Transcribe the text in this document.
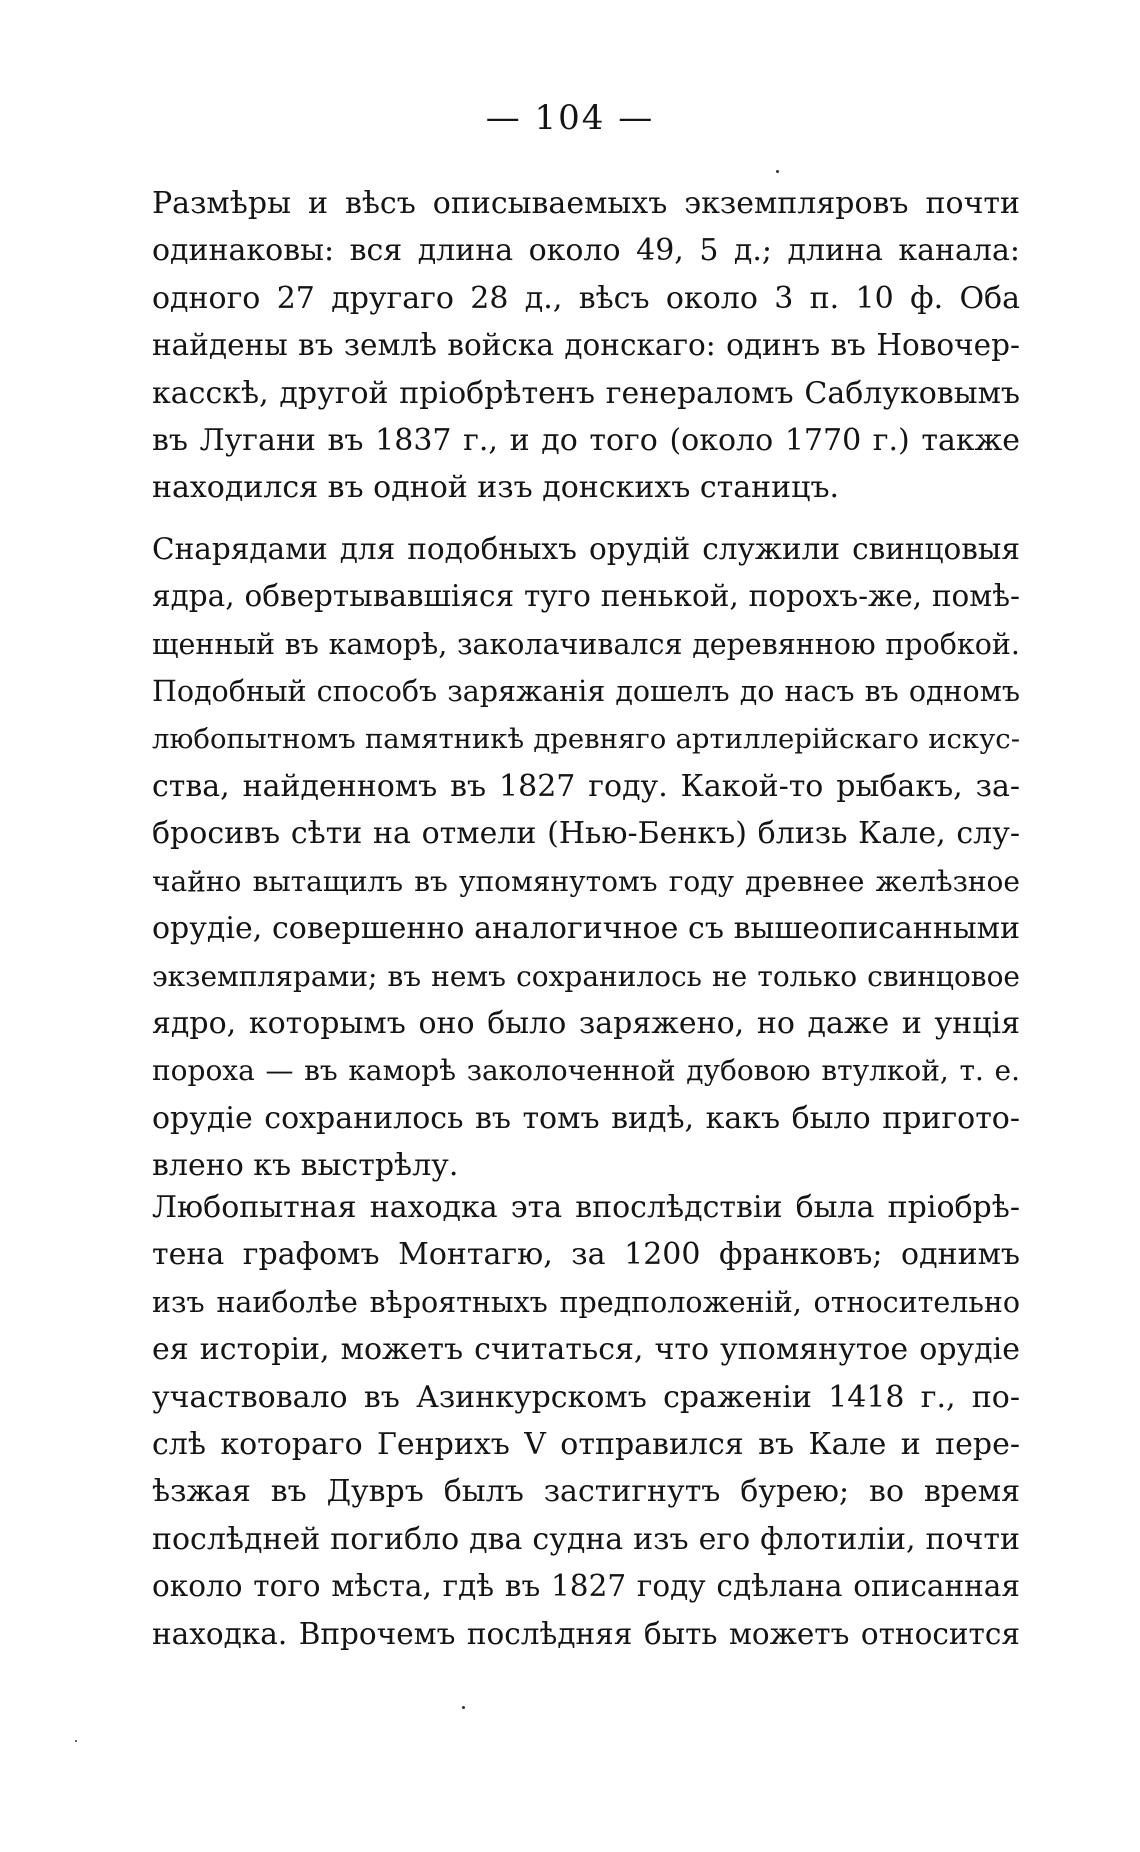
— 104 —
Размѣры и вѣсъ описываемыхъ экземпляровъ почти
одинаковы: вся длина около 49, 5 д.; длина канала:
одного 27 другаго 28 д., вѣсъ около 3 п. 10 ф. Оба
найдены въ землѣ войска донскаго: одинъ въ Новочер-
касскѣ, другой пріобрѣтенъ генераломъ Саблуковымъ
въ Лугани въ 1837 г., и до того (около 1770 г.) также
находился въ одной изъ донскихъ станицъ.
Снарядами для подобныхъ орудій служили свинцовыя
ядра, обвертывавшіяся туго пенькой, порохъ-же, помѣ-
щенный въ каморѣ, заколачивался деревянною пробкой.
Подобный способъ заряжанія дошелъ до насъ въ одномъ
любопытномъ памятникѣ древняго артиллерійскаго искус-
ства, найденномъ въ 1827 году. Какой-то рыбакъ, за-
бросивъ сѣти на отмели (Нью-Бенкъ) близь Кале, слу-
чайно вытащилъ въ упомянутомъ году древнее желѣзное
орудіе, совершенно аналогичное съ вышеописанными
экземплярами; въ немъ сохранилось не только свинцовое
ядро, которымъ оно было заряжено, но даже и унція
пороха — въ каморѣ заколоченной дубовою втулкой, т. е.
орудіе сохранилось въ томъ видѣ, какъ было пригото-
влено къ выстрѣлу.
Любопытная находка эта впослѣдствіи была пріобрѣ-
тена графомъ Монтагю, за 1200 франковъ; однимъ
изъ наиболѣе вѣроятныхъ предположеній, относительно
ея исторіи, можетъ считаться, что упомянутое орудіе
участвовало въ Азинкурскомъ сраженіи 1418 г., по-
слѣ котораго Генрихъ V отправился въ Кале и пере-
ѣзжая въ Дувръ былъ застигнутъ бурею; во время
послѣдней погибло два судна изъ его флотиліи, почти
около того мѣста, гдѣ въ 1827 году сдѣлана описанная
находка. Впрочемъ послѣдняя быть можетъ относится
